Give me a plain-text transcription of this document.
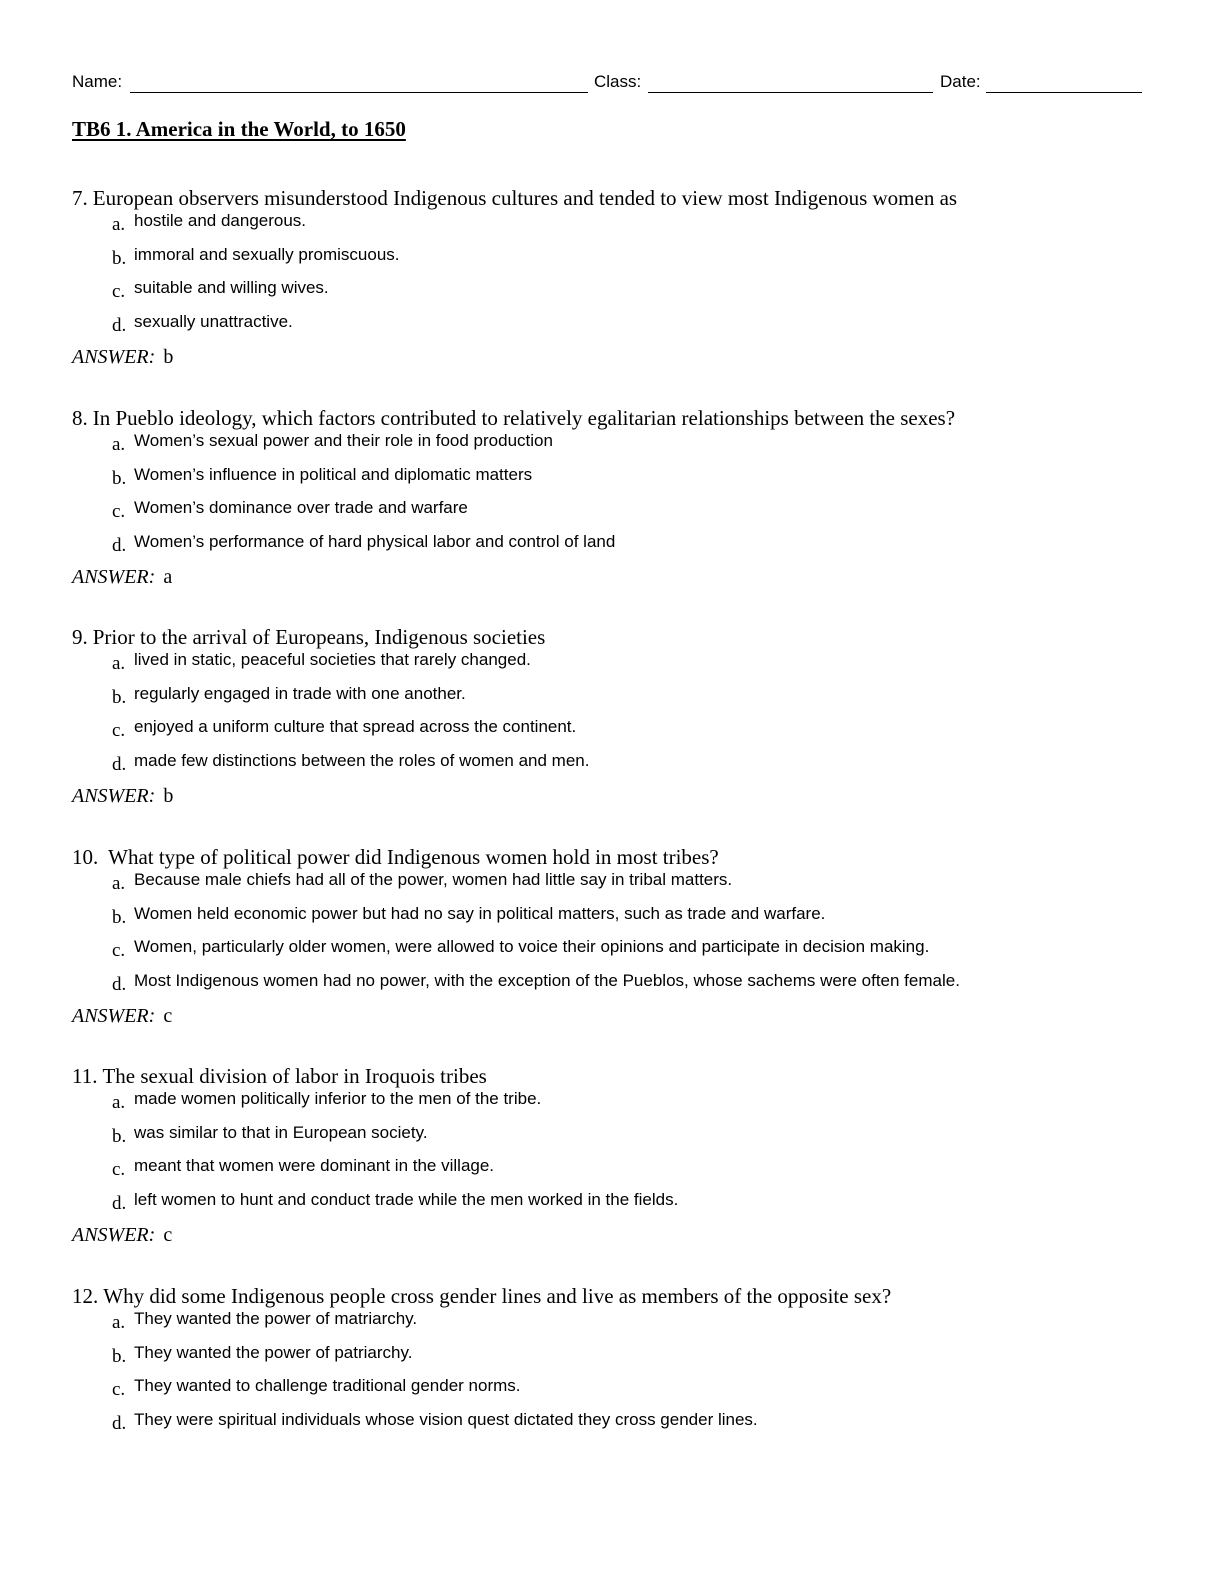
Name:	Class:	Date:
TB6 1. America in the World, to 1650
7. European observers misunderstood Indigenous cultures and tended to view most Indigenous women as
a. hostile and dangerous.
b. immoral and sexually promiscuous.
c. suitable and willing wives.
d. sexually unattractive.
ANSWER: b
8. In Pueblo ideology, which factors contributed to relatively egalitarian relationships between the sexes?
a. Women’s sexual power and their role in food production
b. Women’s influence in political and diplomatic matters
c. Women’s dominance over trade and warfare
d. Women’s performance of hard physical labor and control of land
ANSWER: a
9. Prior to the arrival of Europeans, Indigenous societies
a. lived in static, peaceful societies that rarely changed.
b. regularly engaged in trade with one another.
c. enjoyed a uniform culture that spread across the continent.
d. made few distinctions between the roles of women and men.
ANSWER: b
10. What type of political power did Indigenous women hold in most tribes?
a. Because male chiefs had all of the power, women had little say in tribal matters.
b. Women held economic power but had no say in political matters, such as trade and warfare.
c. Women, particularly older women, were allowed to voice their opinions and participate in decision making.
d. Most Indigenous women had no power, with the exception of the Pueblos, whose sachems were often female.
ANSWER: c
11. The sexual division of labor in Iroquois tribes
a. made women politically inferior to the men of the tribe.
b. was similar to that in European society.
c. meant that women were dominant in the village.
d. left women to hunt and conduct trade while the men worked in the fields.
ANSWER: c
12. Why did some Indigenous people cross gender lines and live as members of the opposite sex?
a. They wanted the power of matriarchy.
b. They wanted the power of patriarchy.
c. They wanted to challenge traditional gender norms.
d. They were spiritual individuals whose vision quest dictated they cross gender lines.
